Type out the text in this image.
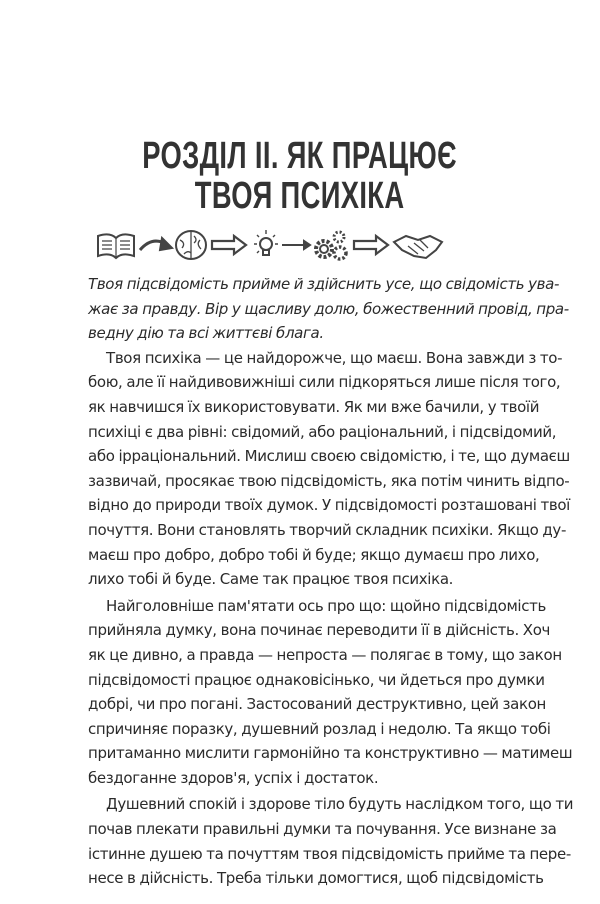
РОЗДІЛ ІІ. ЯК ПРАЦЮЄ
ТВОЯ ПСИХІКА
Твоя підсвідомість прийме й здійснить усе, що свідомість ува-
жає за правду. Вір у щасливу долю, божественний провід, пра-
ведну дію та всі життєві блага.
Твоя психіка — це найдорожче, що маєш. Вона завжди з то-
бою, але її найдивовижніші сили підкоряться лише після того,
як навчишся їх використовувати. Як ми вже бачили, у твоїй
психіці є два рівні: свідомий, або раціональний, і підсвідомий,
або ірраціональний. Мислиш своєю свідомістю, і те, що думаєш
зазвичай, просякає твою підсвідомість, яка потім чинить відпо-
відно до природи твоїх думок. У підсвідомості розташовані твої
почуття. Вони становлять творчий складник психіки. Якщо ду-
маєш про добро, добро тобі й буде; якщо думаєш про лихо,
лихо тобі й буде. Саме так працює твоя психіка.
Найголовніше пам'ятати ось про що: щойно підсвідомість
прийняла думку, вона починає переводити її в дійсність. Хоч
як це дивно, а правда — непроста — полягає в тому, що закон
підсвідомості працює однаковісінько, чи йдеться про думки
добрі, чи про погані. Застосований деструктивно, цей закон
спричиняє поразку, душевний розлад і недолю. Та якщо тобі
притаманно мислити гармонійно та конструктивно — матимеш
бездоганне здоров'я, успіх і достаток.
Душевний спокій і здорове тіло будуть наслідком того, що ти
почав плекати правильні думки та почування. Усе визнане за
істинне душею та почуттям твоя підсвідомість прийме та пере-
несе в дійсність. Треба тільки домогтися, щоб підсвідомість
